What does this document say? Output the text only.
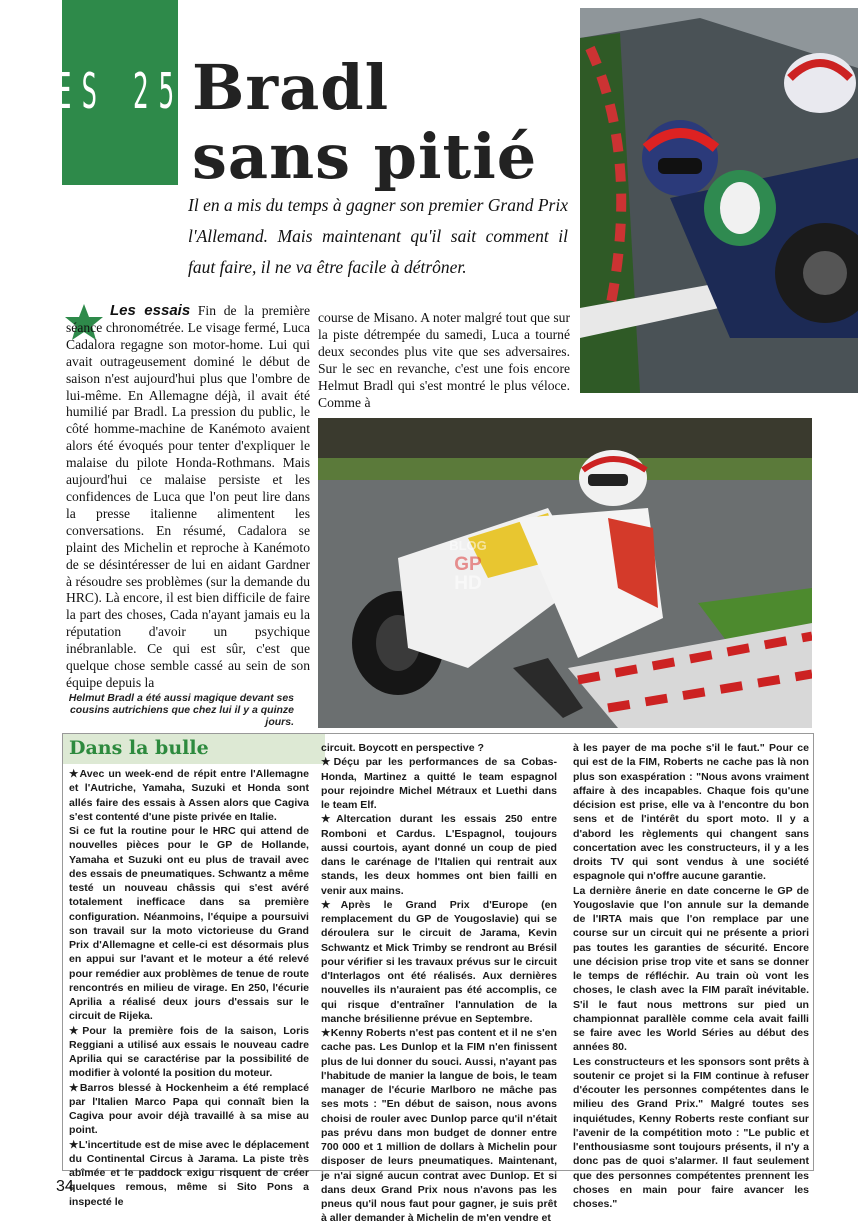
LES 250
Bradl
sans pitié
Il en a mis du temps à gagner son premier Grand Prix l'Allemand. Mais maintenant qu'il sait comment il faut faire, il ne va être facile à détrôner.
Les essais Fin de la première séance chronométrée. Le visage fermé, Luca Cadalora regagne son motor-home. Lui qui avait outrageusement dominé le début de saison n'est aujourd'hui plus que l'ombre de lui-même. En Allemagne déjà, il avait été humilié par Bradl. La pression du public, le côté homme-machine de Kanémoto avaient alors été évoqués pour tenter d'expliquer le malaise du pilote Honda-Rothmans. Mais aujourd'hui ce malaise persiste et les confidences de Luca que l'on peut lire dans la presse italienne alimentent les conversations. En résumé, Cadalora se plaint des Michelin et reproche à Kanémoto de se désintéresser de lui en aidant Gardner à résoudre ses problèmes (sur la demande du HRC). Là encore, il est bien difficile de faire la part des choses, Cada n'ayant jamais eu la réputation d'avoir un psychique inébranlable. Ce qui est sûr, c'est que quelque chose semble cassé au sein de son équipe depuis la
course de Misano. A noter malgré tout que sur la piste détrempée du samedi, Luca a tourné deux secondes plus vite que ses adversaires. Sur le sec en revanche, c'est une fois encore Helmut Bradl qui s'est montré le plus véloce. Comme à
BLOG
GP
HD
Helmut Bradl a été aussi magique devant ses cousins autrichiens que chez lui il y a quinze jours.
Dans la bulle

★Avec un week-end de répit entre l'Allemagne et l'Autriche, Yamaha, Suzuki et Honda sont allés faire des essais à Assen alors que Cagiva s'est contenté d'une piste privée en Italie.

Si ce fut la routine pour le HRC qui attend de nouvelles pièces pour le GP de Hollande, Yamaha et Suzuki ont eu plus de travail avec des essais de pneumatiques. Schwantz a même testé un nouveau châssis qui s'est avéré totalement inefficace dans sa première configuration. Néanmoins, l'équipe a poursuivi son travail sur la moto victorieuse du Grand Prix d'Allemagne et celle-ci est désormais plus en appui sur l'avant et le moteur a été relevé pour remédier aux problèmes de tenue de route rencontrés en milieu de virage. En 250, l'écurie Aprilia a réalisé deux jours d'essais sur le circuit de Rijeka.

★Pour la première fois de la saison, Loris Reggiani a utilisé aux essais le nouveau cadre Aprilia qui se caractérise par la possibilité de modifier à volonté la position du moteur.

★Barros blessé à Hockenheim a été remplacé par l'Italien Marco Papa qui connaît bien la Cagiva pour avoir déjà travaillé à sa mise au point.

★L'incertitude est de mise avec le déplacement du Continental Circus à Jarama. La piste très abîmée et le paddock exigu risquent de créer quelques remous, même si Sito Pons a inspecté le

circuit. Boycott en perspective ?

★Déçu par les performances de sa Cobas-Honda, Martinez a quitté le team espagnol pour rejoindre Michel Métraux et Luethi dans le team Elf.

★Altercation durant les essais 250 entre Romboni et Cardus. L'Espagnol, toujours aussi courtois, ayant donné un coup de pied dans le carénage de l'Italien qui rentrait aux stands, les deux hommes ont bien failli en venir aux mains.

★Après le Grand Prix d'Europe (en remplacement du GP de Yougoslavie) qui se déroulera sur le circuit de Jarama, Kevin Schwantz et Mick Trimby se rendront au Brésil pour vérifier si les travaux prévus sur le circuit d'Interlagos ont été réalisés. Aux dernières nouvelles ils n'auraient pas été accomplis, ce qui risque d'entraîner l'annulation de la manche brésilienne prévue en Septembre.

★Kenny Roberts n'est pas content et il ne s'en cache pas. Les Dunlop et la FIM n'en finissent plus de lui donner du souci. Aussi, n'ayant pas l'habitude de manier la langue de bois, le team manager de l'écurie Marlboro ne mâche pas ses mots : "En début de saison, nous avons choisi de rouler avec Dunlop parce qu'il n'était pas prévu dans mon budget de donner entre 700 000 et 1 million de dollars à Michelin pour disposer de leurs pneumatiques. Maintenant, je n'ai signé aucun contrat avec Dunlop. Et si dans deux Grand Prix nous n'avons pas les pneus qu'il nous faut pour gagner, je suis prêt à aller demander à Michelin de m'en vendre et

à les payer de ma poche s'il le faut." Pour ce qui est de la FIM, Roberts ne cache pas là non plus son exaspération : "Nous avons vraiment affaire à des incapables. Chaque fois qu'une décision est prise, elle va à l'encontre du bon sens et de l'intérêt du sport moto. Il y a d'abord les règlements qui changent sans concertation avec les constructeurs, il y a les droits TV qui sont vendus à une société espagnole qui n'offre aucune garantie.

La dernière ânerie en date concerne le GP de Yougoslavie que l'on annule sur la demande de l'IRTA mais que l'on remplace par une course sur un circuit qui ne présente a priori pas toutes les garanties de sécurité. Encore une décision prise trop vite et sans se donner le temps de réfléchir. Au train où vont les choses, le clash avec la FIM paraît inévitable. S'il le faut nous mettrons sur pied un championnat parallèle comme cela avait failli se faire avec les World Séries au début des années 80.

Les constructeurs et les sponsors sont prêts à soutenir ce projet si la FIM continue à refuser d'écouter les personnes compétentes dans le milieu des Grand Prix." Malgré toutes ses inquiétudes, Kenny Roberts reste confiant sur l'avenir de la compétition moto : "Le public et l'enthousiasme sont toujours présents, il n'y a donc pas de quoi s'alarmer. Il faut seulement que des personnes compétentes prennent les choses en main pour faire avancer les choses."

34
